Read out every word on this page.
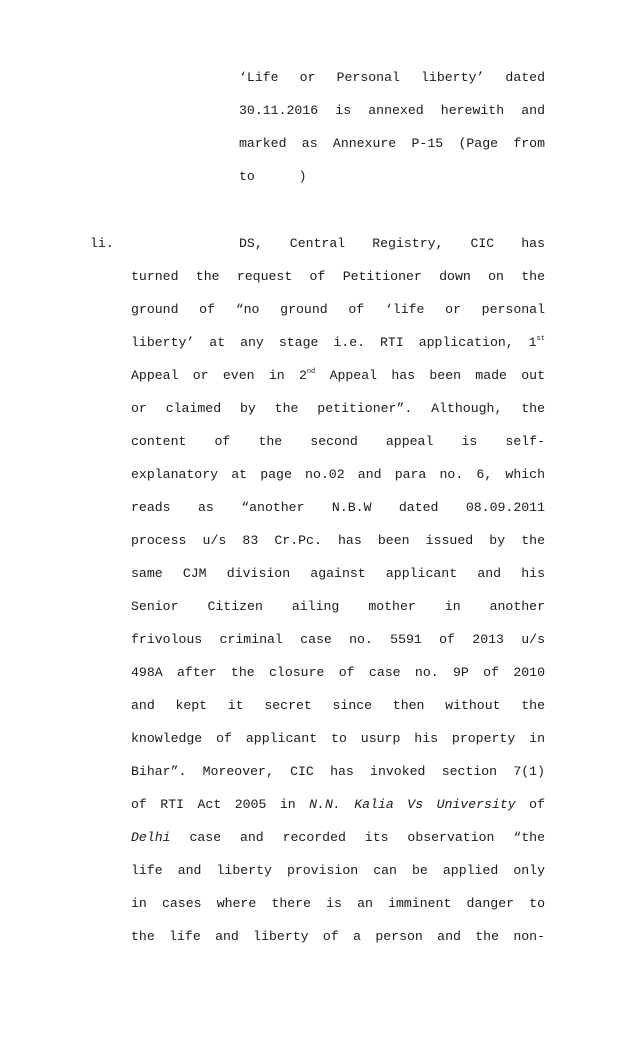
‘Life or Personal liberty’ dated
30.11.2016 is annexed herewith and
marked as Annexure P-15 (Page from
to	)
li.	DS, Central Registry, CIC has
turned the request of Petitioner down on the
ground of “no ground of ‘life or personal
liberty’ at any stage i.e. RTI application, 1st
Appeal or even in 2nd Appeal has been made out
or claimed by the petitioner”. Although, the
content of the second appeal is self-
explanatory at page no.02 and para no. 6, which
reads as “another N.B.W dated 08.09.2011
process u/s 83 Cr.Pc. has been issued by the
same CJM division against applicant and his
Senior Citizen ailing mother in another
frivolous criminal case no. 5591 of 2013 u/s
498A after the closure of case no. 9P of 2010
and kept it secret since then without the
knowledge of applicant to usurp his property in
Bihar”. Moreover, CIC has invoked section 7(1)
of RTI Act 2005 in N.N. Kalia Vs University of
Delhi case and recorded its observation “the
life and liberty provision can be applied only
in cases where there is an imminent danger to
the life and liberty of a person and the non-
